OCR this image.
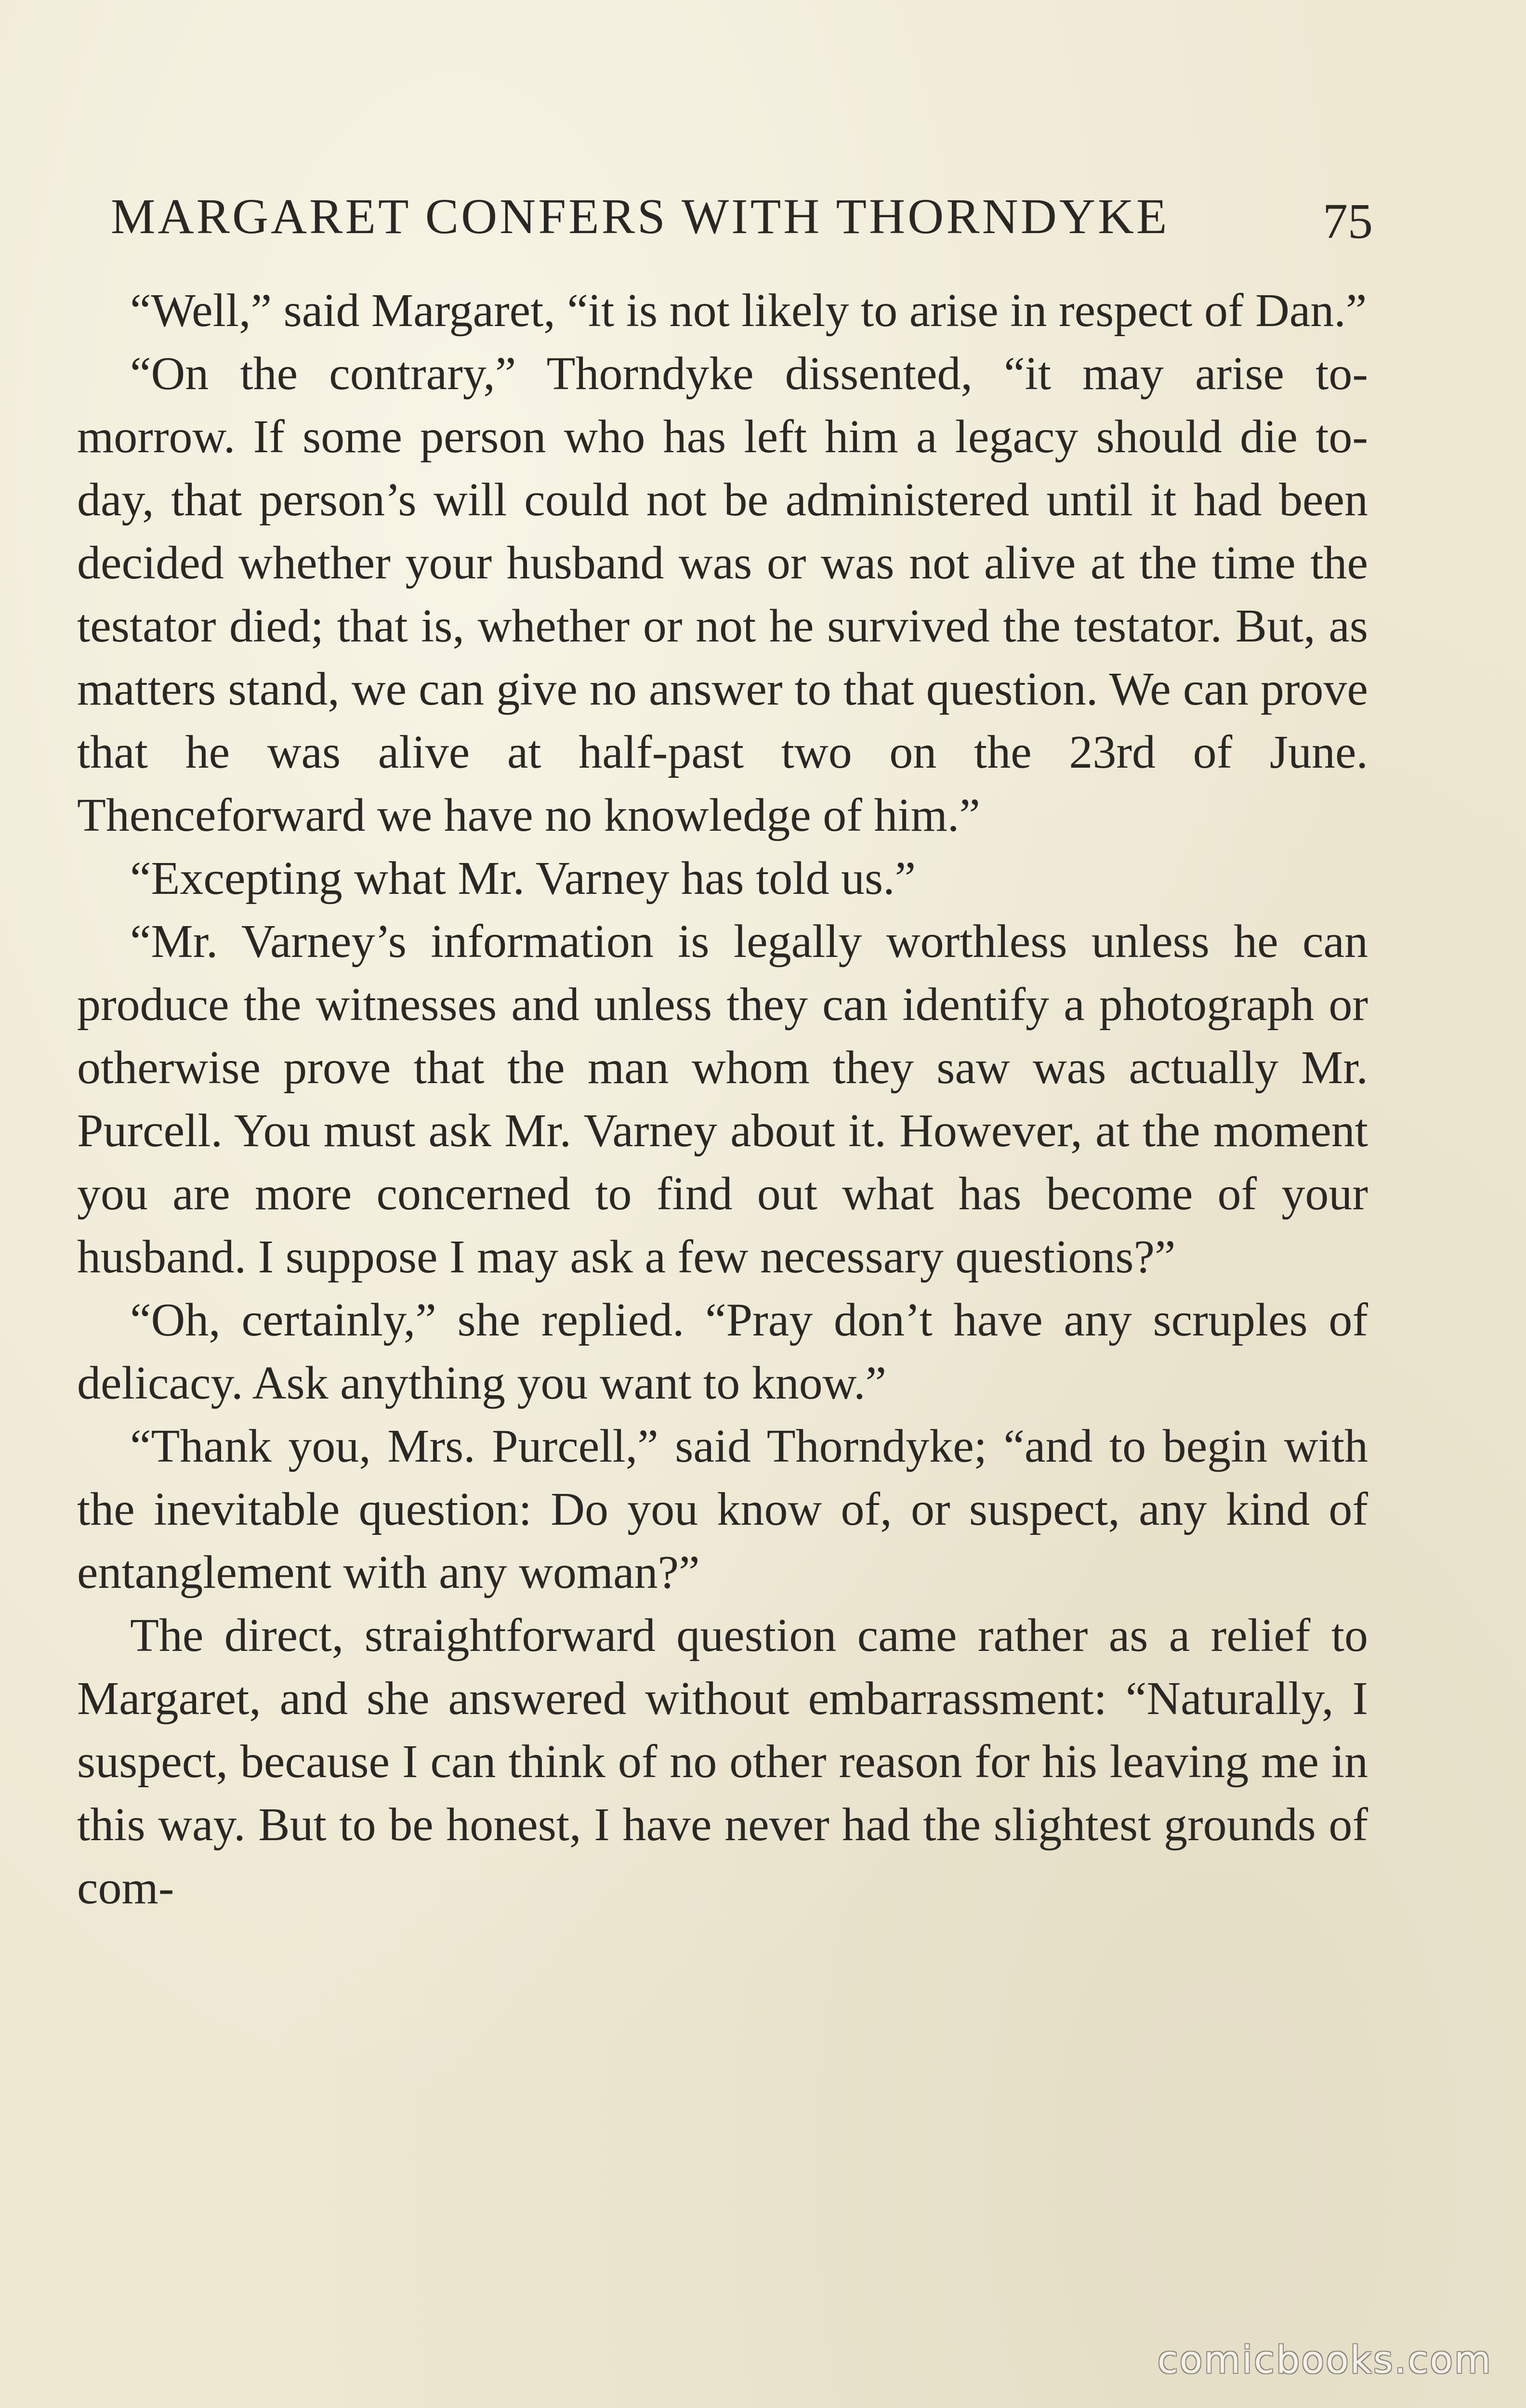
MARGARET CONFERS WITH THORNDYKE	75

“Well,” said Margaret, “it is not likely to arise in respect of Dan.”

“On the contrary,” Thorndyke dissented, “it may arise to-morrow. If some person who has left him a legacy should die to-day, that person’s will could not be administered until it had been decided whether your husband was or was not alive at the time the testator died; that is, whether or not he survived the testator. But, as matters stand, we can give no answer to that question. We can prove that he was alive at half-past two on the 23rd of June. Thenceforward we have no knowledge of him.”

“Excepting what Mr. Varney has told us.”

“Mr. Varney’s information is legally worthless unless he can produce the witnesses and unless they can identify a photograph or otherwise prove that the man whom they saw was actually Mr. Purcell. You must ask Mr. Varney about it. However, at the moment you are more concerned to find out what has become of your husband. I suppose I may ask a few necessary questions?”

“Oh, certainly,” she replied. “Pray don’t have any scruples of delicacy. Ask anything you want to know.”

“Thank you, Mrs. Purcell,” said Thorndyke; “and to begin with the inevitable question: Do you know of, or suspect, any kind of entanglement with any woman?”

The direct, straightforward question came rather as a relief to Margaret, and she answered without embarrassment: “Naturally, I suspect, because I can think of no other reason for his leaving me in this way. But to be honest, I have never had the slightest grounds of com-

comicbooks.com
